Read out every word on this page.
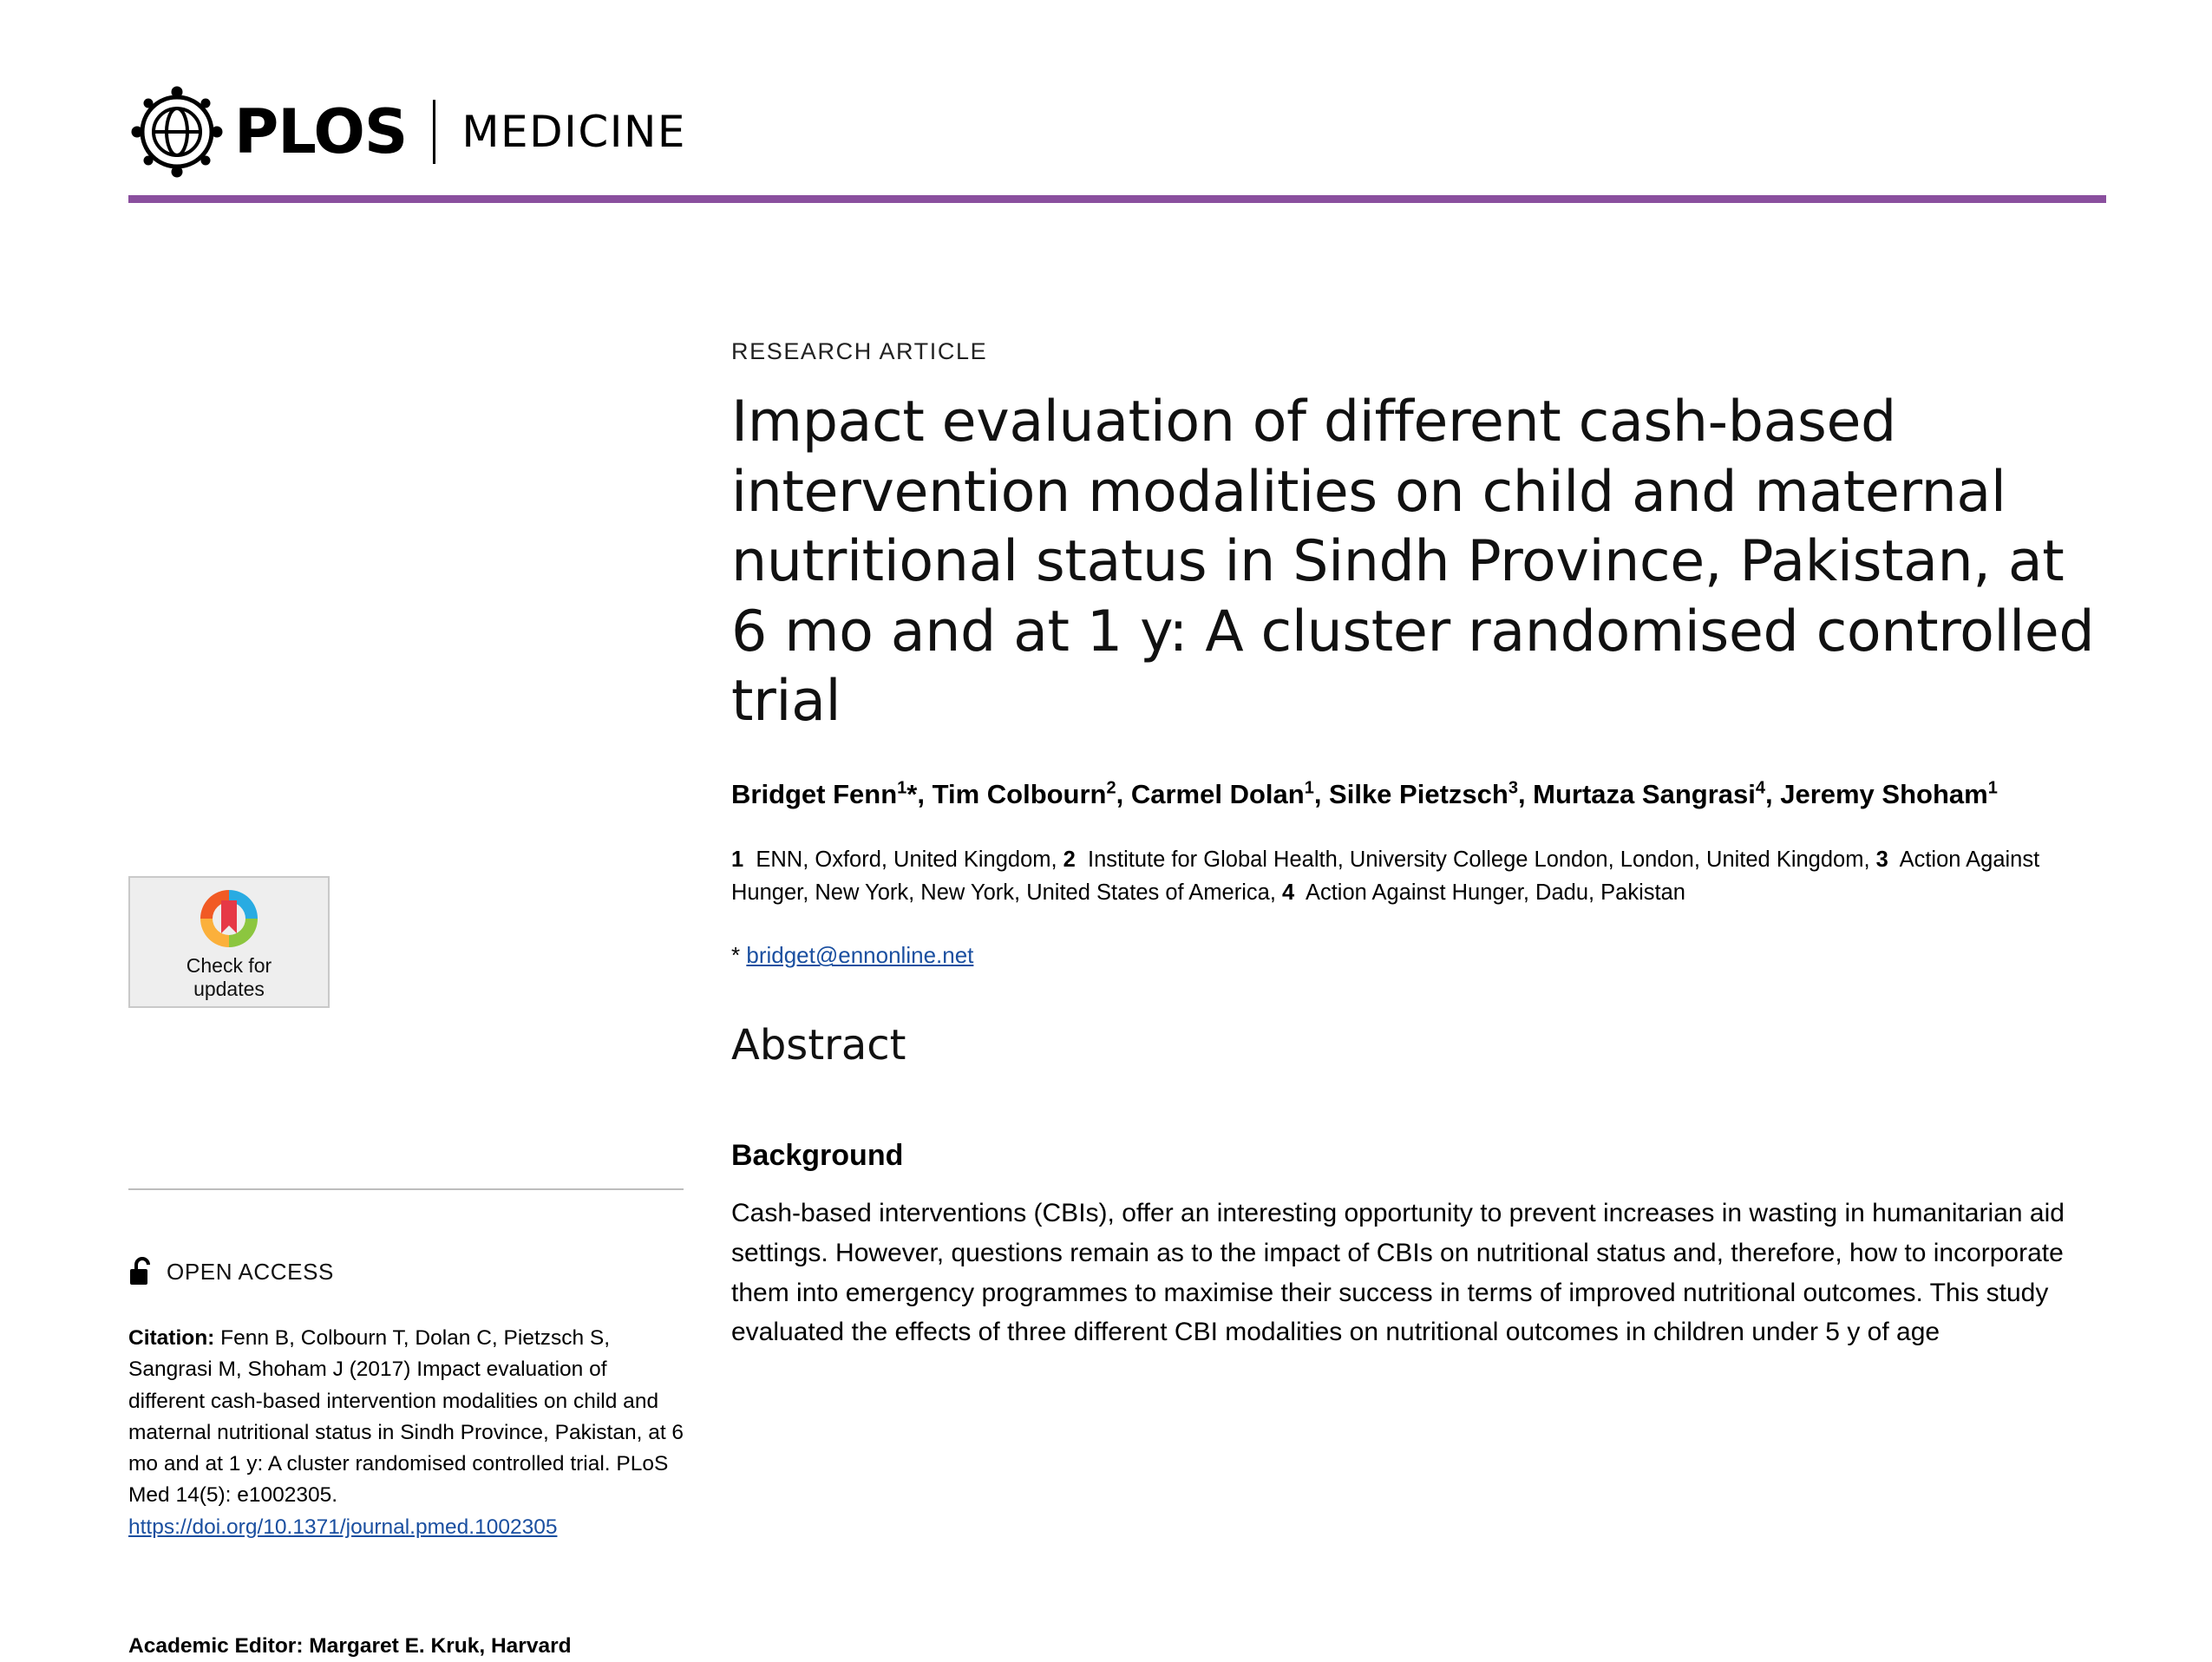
PLOS MEDICINE
Check for
updates
OPEN ACCESS
Citation: Fenn B, Colbourn T, Dolan C, Pietzsch S, Sangrasi M, Shoham J (2017) Impact evaluation of different cash-based intervention modalities on child and maternal nutritional status in Sindh Province, Pakistan, at 6 mo and at 1 y: A cluster randomised controlled trial. PLoS Med 14(5): e1002305. https://doi.org/10.1371/journal.pmed.1002305
Academic Editor: Margaret E. Kruk, Harvard
RESEARCH ARTICLE
Impact evaluation of different cash-based intervention modalities on child and maternal nutritional status in Sindh Province, Pakistan, at 6 mo and at 1 y: A cluster randomised controlled trial
Bridget Fenn$^1$*, Tim Colbourn$^2$, Carmel Dolan$^1$, Silke Pietzsch$^3$, Murtaza Sangrasi$^4$, Jeremy Shoham$^1$
1  ENN, Oxford, United Kingdom, 2  Institute for Global Health, University College London, London, United Kingdom, 3  Action Against Hunger, New York, New York, United States of America, 4  Action Against Hunger, Dadu, Pakistan
* bridget@ennonline.net
Abstract
Background

Cash-based interventions (CBIs), offer an interesting opportunity to prevent increases in wasting in humanitarian aid settings. However, questions remain as to the impact of CBIs on nutritional status and, therefore, how to incorporate them into emergency programmes to maximise their success in terms of improved nutritional outcomes. This study evaluated the effects of three different CBI modalities on nutritional outcomes in children under 5 y of age
